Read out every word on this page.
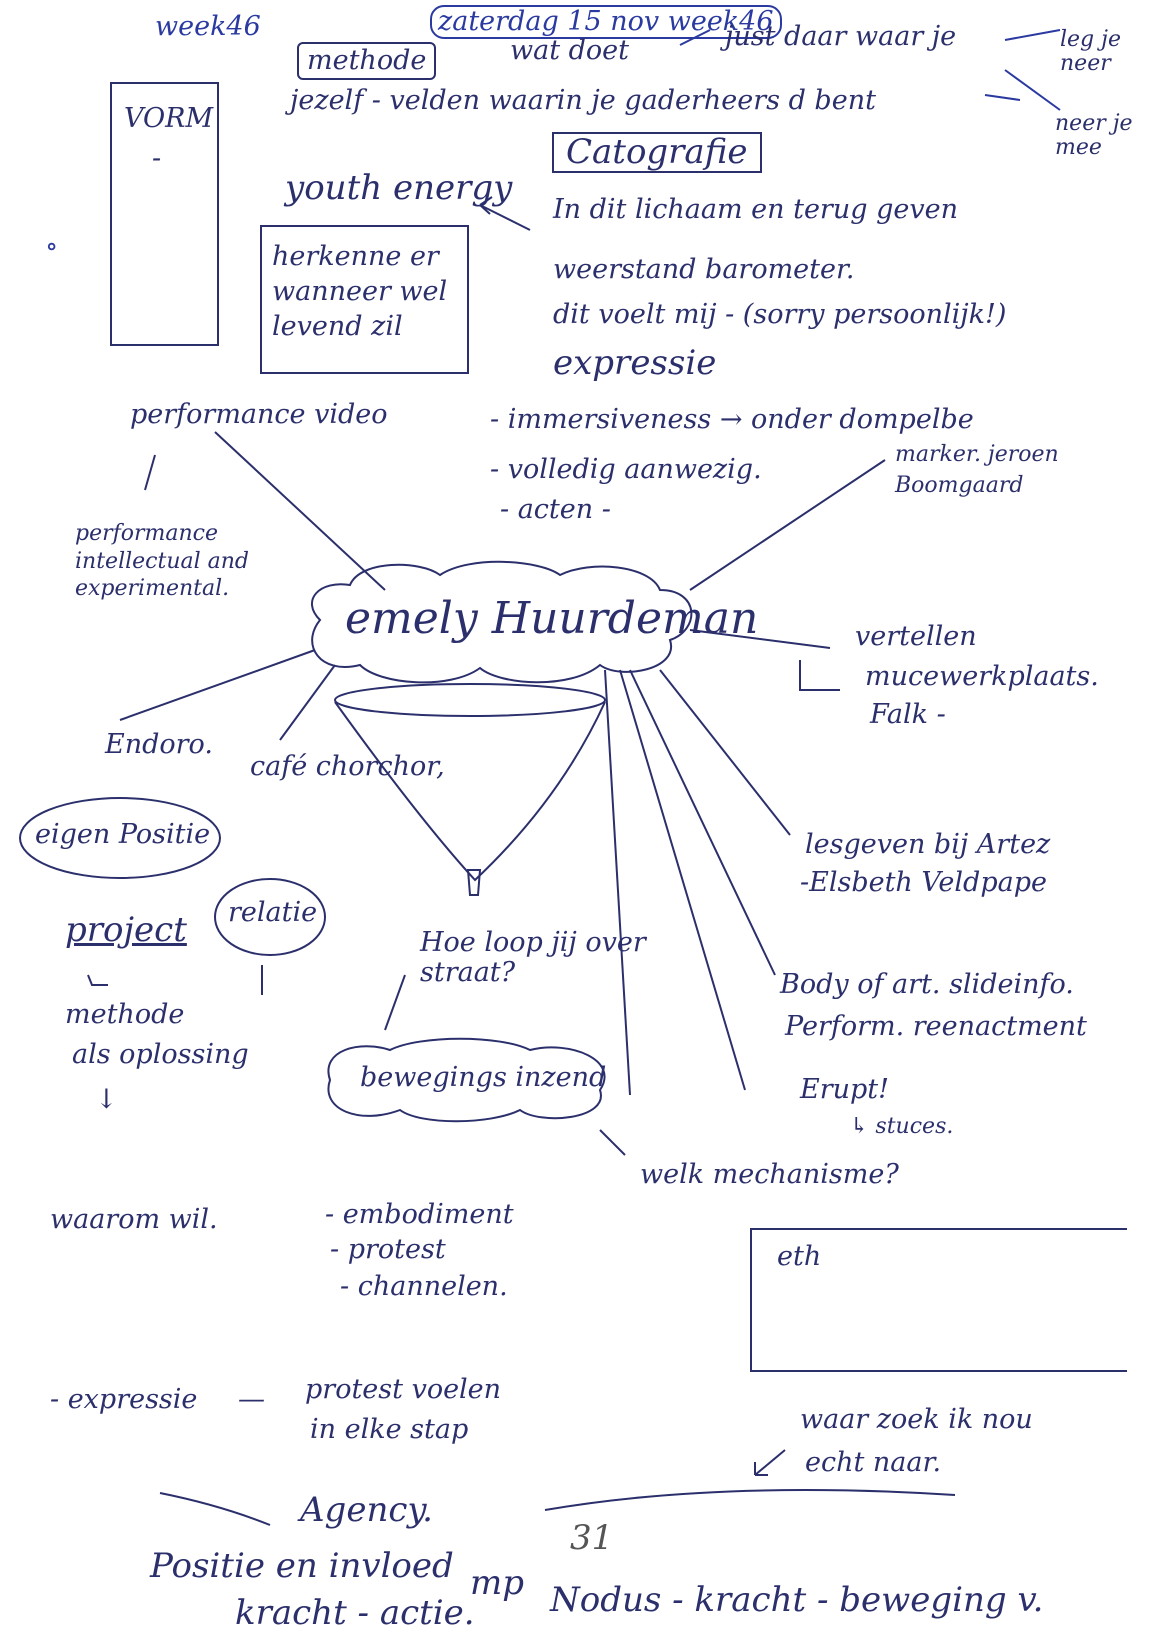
week46	zaterdag 15 nov week46
methode	wat doet	just daar waar je
jezelf - velden waarin je gaderheers d bent
leg je neer
neer je mee
VORM
-
∘
Catografie
In dit lichaam en terug geven
weerstand barometer.
dit voelt mij - (sorry persoonlijk!)
expressie
- immersiveness → onder dompelbe
- volledig aanwezig.
- acten -
youth energy
herkenne er wanneer wel levend zil
emely Huurdeman
performance video
performance intellectual and experimental.
Endoro.
café chorchor,
marker. jeroen Boomgaard
vertellen
mucewerkplaats.
Falk -
lesgeven bij Artez
-Elsbeth Veldpape
Body of art. slideinfo.
Perform. reenactment
Erupt!
↳ stuces.
Hoe loop jij over straat?
bewegings inzend
welk mechanisme?
eigen Positie
relatie
project
methode
als oplossing
↓
waarom wil.	- embodiment
- protest
- channelen.
- expressie — protest voelen
in elke stap
eth
waar zoek ik nou
echt naar.
Agency.
Positie en invloed
kracht - actie.
mp
31
Nodus - kracht - beweging v.
